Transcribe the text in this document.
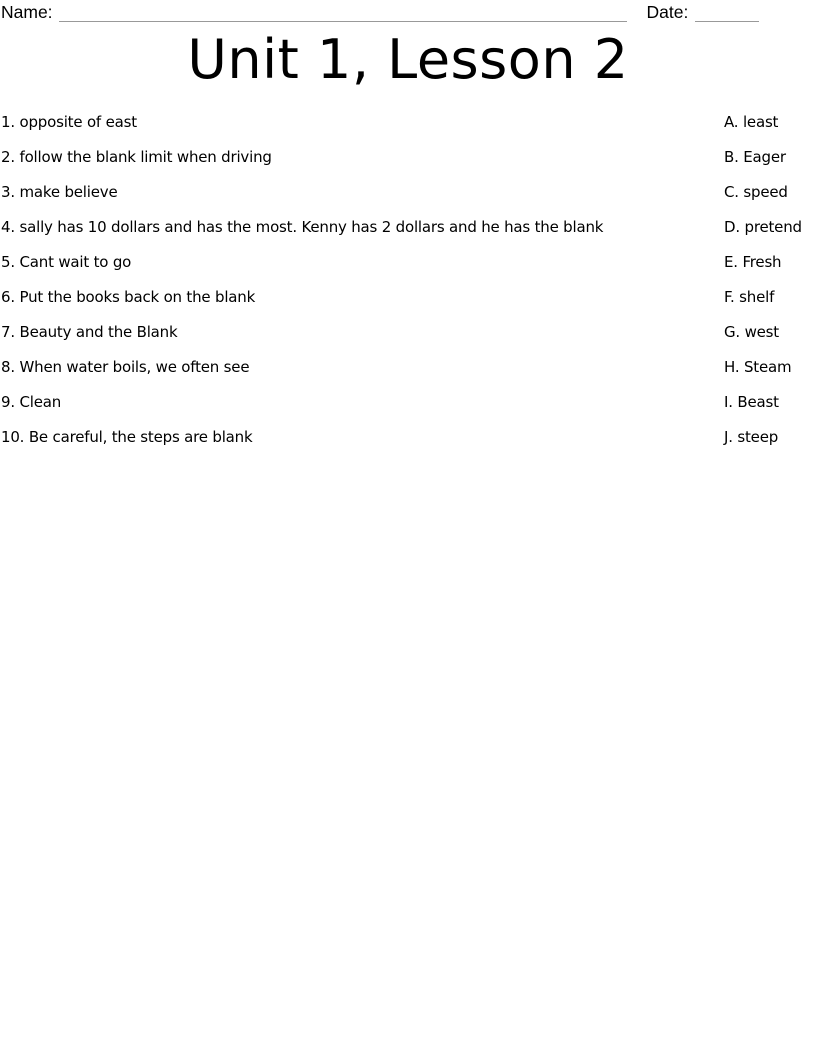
Name:	Date:
Unit 1, Lesson 2
1. opposite of east	A. least
2. follow the blank limit when driving	B. Eager
3. make believe	C. speed
4. sally has 10 dollars and has the most. Kenny has 2 dollars and he has the blank	D. pretend
5. Cant wait to go	E. Fresh
6. Put the books back on the blank	F. shelf
7. Beauty and the Blank	G. west
8. When water boils, we often see	H. Steam
9. Clean	I. Beast
10. Be careful, the steps are blank	J. steep
